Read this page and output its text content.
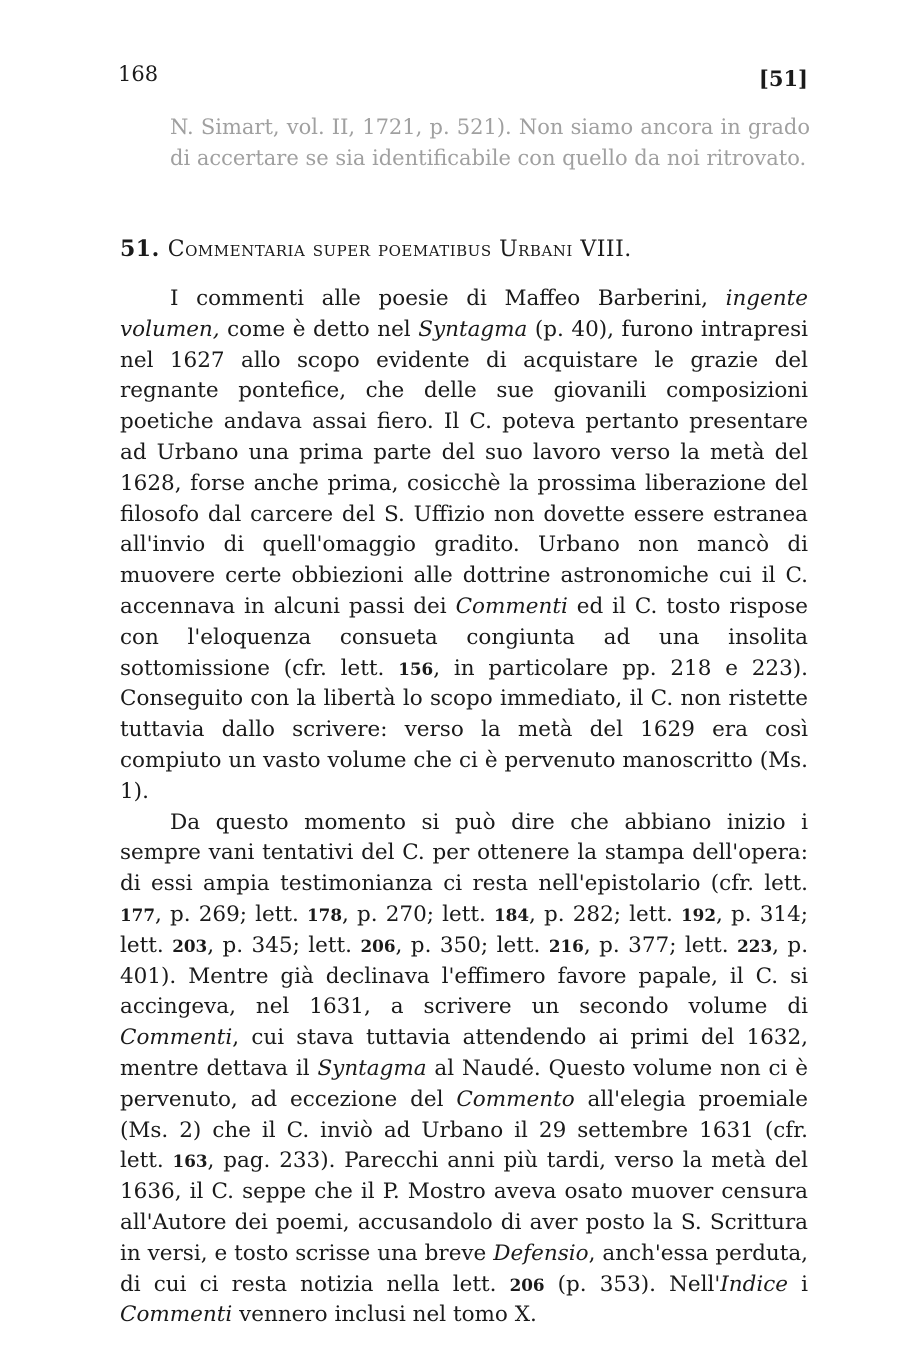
168	[51]
N. Simart, vol. II, 1721, p. 521). Non siamo ancora in grado di accertare se sia identificabile con quello da noi ritrovato.
51. Commentaria super poematibus Urbani VIII.

I commenti alle poesie di Maffeo Barberini, ingente volumen, come è detto nel Syntagma (p. 40), furono intrapresi nel 1627 allo scopo evidente di acquistare le grazie del regnante pontefice, che delle sue giovanili composizioni poetiche andava assai fiero. Il C. poteva pertanto presentare ad Urbano una prima parte del suo lavoro verso la metà del 1628, forse anche prima, cosicchè la prossima liberazione del filosofo dal carcere del S. Uffizio non dovette essere estranea all'invio di quell'omaggio gradito. Urbano non mancò di muovere certe obbiezioni alle dottrine astronomiche cui il C. accennava in alcuni passi dei Commenti ed il C. tosto rispose con l'eloquenza consueta congiunta ad una insolita sottomissione (cfr. lett. 156, in particolare pp. 218 e 223). Conseguito con la libertà lo scopo immediato, il C. non ristette tuttavia dallo scrivere: verso la metà del 1629 era così compiuto un vasto volume che ci è pervenuto manoscritto (Ms. 1).

Da questo momento si può dire che abbiano inizio i sempre vani tentativi del C. per ottenere la stampa dell'opera: di essi ampia testimonianza ci resta nell'epistolario (cfr. lett. 177, p. 269; lett. 178, p. 270; lett. 184, p. 282; lett. 192, p. 314; lett. 203, p. 345; lett. 206, p. 350; lett. 216, p. 377; lett. 223, p. 401). Mentre già declinava l'effimero favore papale, il C. si accingeva, nel 1631, a scrivere un secondo volume di Commenti, cui stava tuttavia attendendo ai primi del 1632, mentre dettava il Syntagma al Naudé. Questo volume non ci è pervenuto, ad eccezione del Commento all'elegia proemiale (Ms. 2) che il C. inviò ad Urbano il 29 settembre 1631 (cfr. lett. 163, pag. 233). Parecchi anni più tardi, verso la metà del 1636, il C. seppe che il P. Mostro aveva osato muover censura all'Autore dei poemi, accusandolo di aver posto la S. Scrittura in versi, e tosto scrisse una breve Defensio, anch'essa perduta, di cui ci resta notizia nella lett. 206 (p. 353). Nell'Indice i Commenti vennero inclusi nel tomo X.
